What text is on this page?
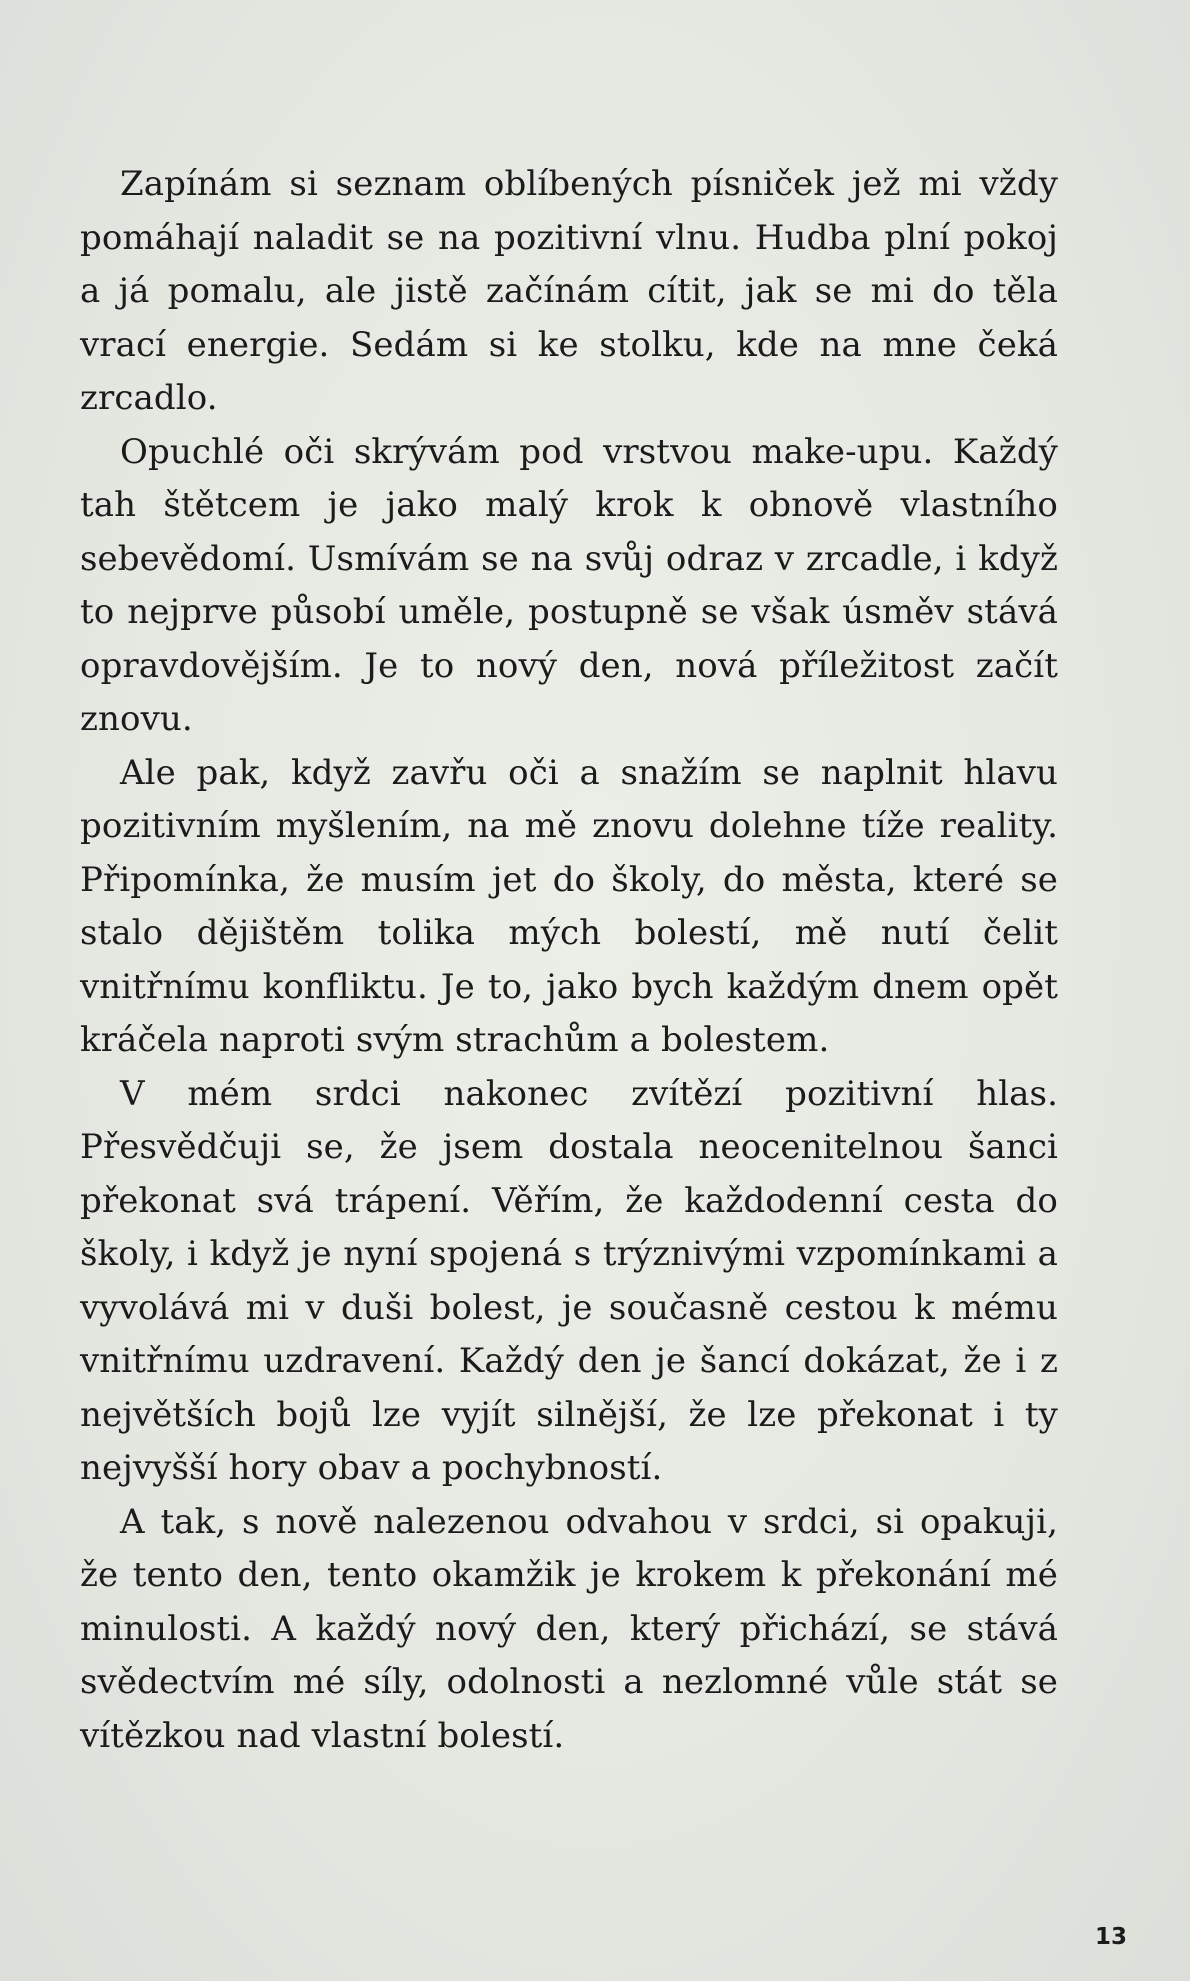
Zapínám si seznam oblíbených písniček jež mi vždy pomáhají naladit se na pozitivní vlnu. Hudba plní pokoj a já pomalu, ale jistě začínám cítit, jak se mi do těla vrací energie. Sedám si ke stolku, kde na mne čeká zrcadlo.

Opuchlé oči skrývám pod vrstvou make-upu. Každý tah štětcem je jako malý krok k obnově vlastního sebevědomí. Usmívám se na svůj odraz v zrcadle, i když to nejprve působí uměle, postupně se však úsměv stává opravdovějším. Je to nový den, nová příležitost začít znovu.

Ale pak, když zavřu oči a snažím se naplnit hlavu pozitivním myšlením, na mě znovu dolehne tíže reality. Připomínka, že musím jet do školy, do města, které se stalo dějištěm tolika mých bolestí, mě nutí čelit vnitřnímu konfliktu. Je to, jako bych každým dnem opět kráčela naproti svým strachům a bolestem.

V mém srdci nakonec zvítězí pozitivní hlas. Přesvědčuji se, že jsem dostala neocenitelnou šanci překonat svá trápení. Věřím, že každodenní cesta do školy, i když je nyní spojená s trýznivými vzpomínkami a vyvolává mi v duši bolest, je současně cestou k mému vnitřnímu uzdravení. Každý den je šancí dokázat, že i z největších bojů lze vyjít silnější, že lze překonat i ty nejvyšší hory obav a pochybností.

A tak, s nově nalezenou odvahou v srdci, si opakuji, že tento den, tento okamžik je krokem k překonání mé minulosti. A každý nový den, který přichází, se stává svědectvím mé síly, odolnosti a nezlomné vůle stát se vítězkou nad vlastní bolestí.

13
